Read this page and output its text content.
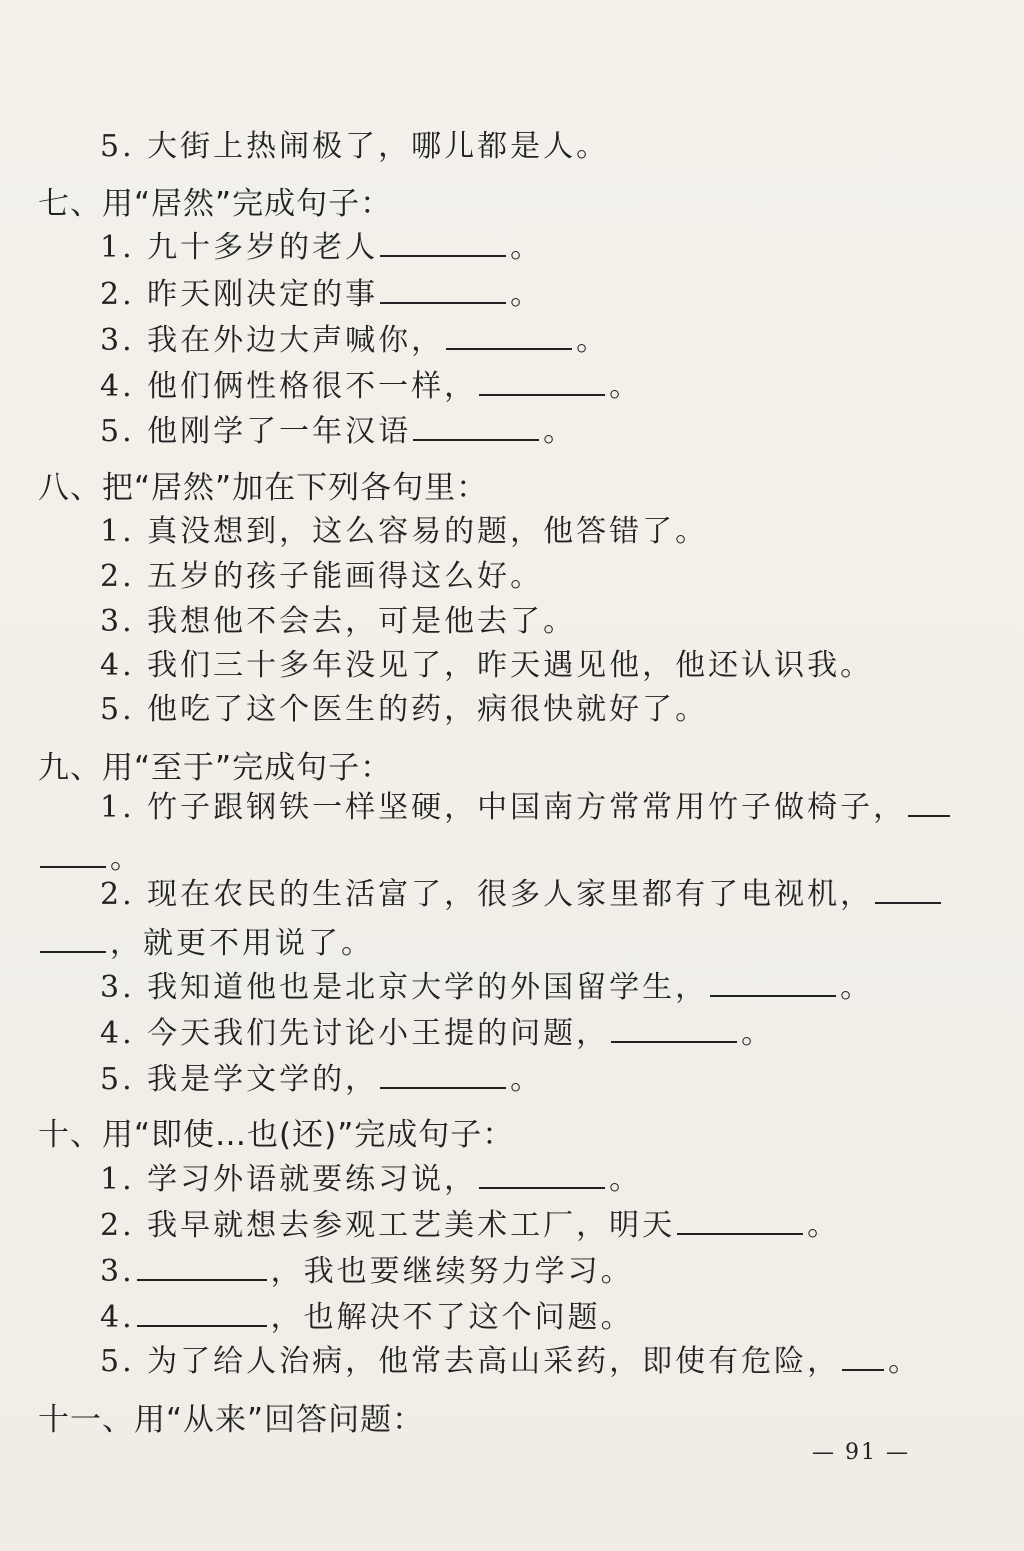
5. 大街上热闹极了，哪儿都是人。
七、用“居然”完成句子：
1. 九十多岁的老人	。
2. 昨天刚决定的事	。
3. 我在外边大声喊你，	。
4. 他们俩性格很不一样，	。
5. 他刚学了一年汉语	。
八、把“居然”加在下列各句里：
1. 真没想到，这么容易的题，他答错了。
2. 五岁的孩子能画得这么好。
3. 我想他不会去，可是他去了。
4. 我们三十多年没见了，昨天遇见他，他还认识我。
5. 他吃了这个医生的药，病很快就好了。
九、用“至于”完成句子：
1. 竹子跟钢铁一样坚硬，中国南方常常用竹子做椅子，
。
2. 现在农民的生活富了，很多人家里都有了电视机，
，就更不用说了。
3. 我知道他也是北京大学的外国留学生，	。
4. 今天我们先讨论小王提的问题，	。
5. 我是学文学的，	。
十、用“即使…也(还)”完成句子：
1. 学习外语就要练习说，	。
2. 我早就想去参观工艺美术工厂，明天	。
3.	，我也要继续努力学习。
4.	，也解决不了这个问题。
5. 为了给人治病，他常去高山采药，即使有危险， 。
十一、用“从来”回答问题：
— 91 —
